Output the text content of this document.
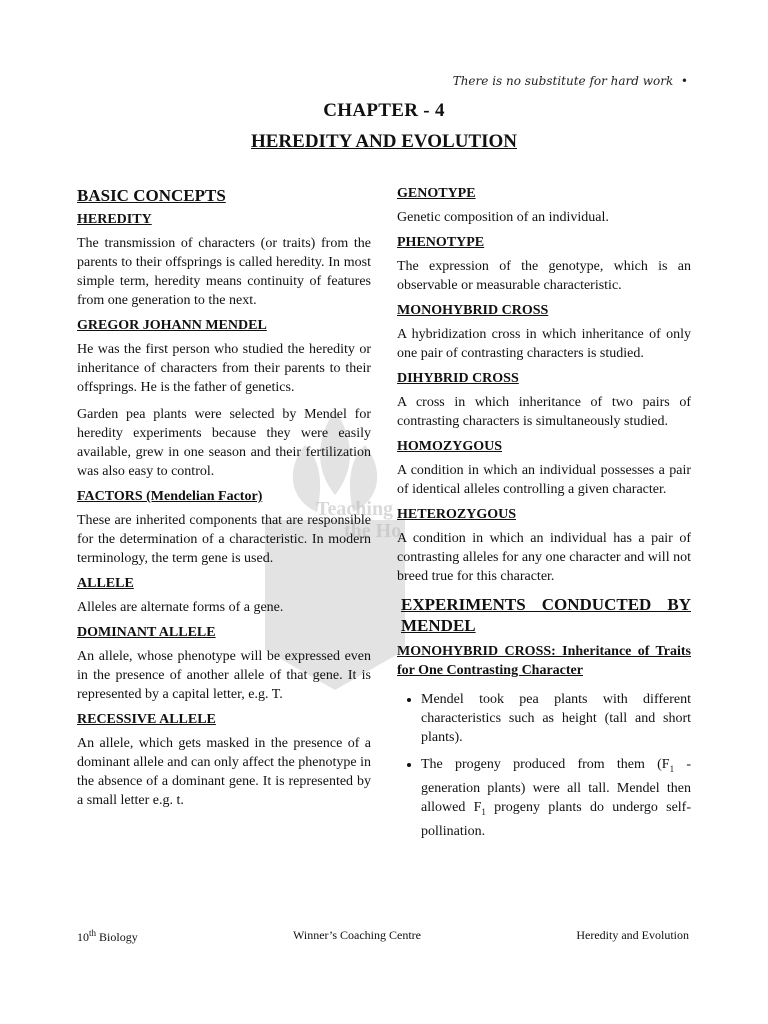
Teaching
the Ho
There is no substitute for hard work  •
CHAPTER - 4
HEREDITY AND EVOLUTION
BASIC CONCEPTS
HEREDITY
The transmission of characters (or traits) from the parents to their offsprings is called heredity. In most simple term, heredity means continuity of features from one generation to the next.
GREGOR JOHANN MENDEL
He was the first person who studied the heredity or inheritance of characters from their parents to their offsprings. He is the father of genetics.
Garden pea plants were selected by Mendel for heredity experiments because they were easily available, grew in one season and their fertilization was also easy to control.
FACTORS (Mendelian Factor)
These are inherited components that are responsible for the determination of a characteristic. In modern terminology, the term gene is used.
ALLELE
Alleles are alternate forms of a gene.
DOMINANT ALLELE
An allele, whose phenotype will be expressed even in the presence of another allele of that gene. It is represented by a capital letter, e.g. T.
RECESSIVE ALLELE
An allele, which gets masked in the presence of a dominant allele and can only affect the phenotype in the absence of a dominant gene. It is represented by a small letter e.g. t.
GENOTYPE
Genetic composition of an individual.
PHENOTYPE
The expression of the genotype, which is an observable or measurable characteristic.
MONOHYBRID CROSS
A hybridization cross in which inheritance of only one pair of contrasting characters is studied.
DIHYBRID CROSS
A cross in which inheritance of two pairs of contrasting characters is simultaneously studied.
HOMOZYGOUS
A condition in which an individual possesses a pair of identical alleles controlling a given character.
HETEROZYGOUS
A condition in which an individual has a pair of contrasting alleles for any one character and will not breed true for this character.
EXPERIMENTS CONDUCTED BY MENDEL
MONOHYBRID CROSS: Inheritance of Traits for One Contrasting Character
• Mendel took pea plants with different characteristics such as height (tall and short plants).
• The progeny produced from them ($F_1$ - generation plants) were all tall. Mendel then allowed $F_1$ progeny plants do undergo self-pollination.
10th Biology	Winner’s Coaching Centre	Heredity and Evolution
